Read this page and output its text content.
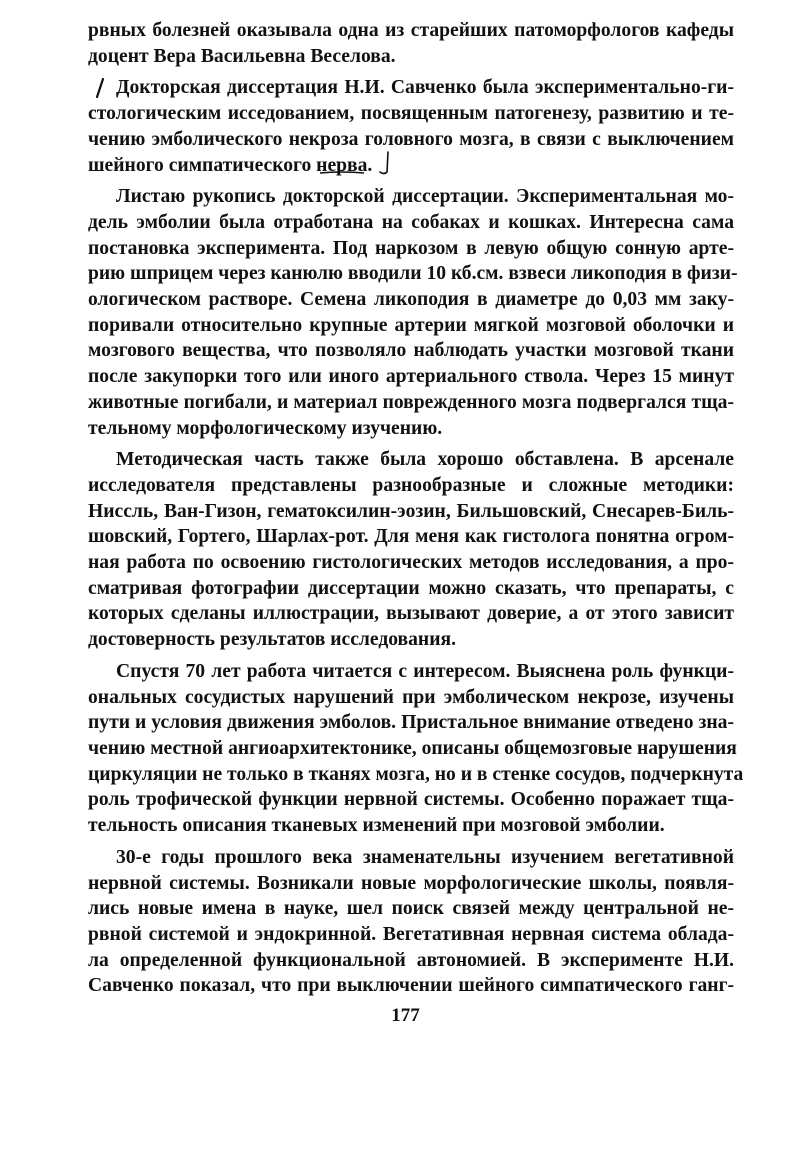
рвных болезней оказывала одна из старейших патоморфологов кафеды
доцент Вера Васильевна Веселова.
Докторская диссертация Н.И. Савченко была экспериментально-ги-
стологическим исседованием, посвященным патогенезу, развитию и те-
чению эмболического некроза головного мозга, в связи с выключением
шейного симпатического нерва.
Листаю рукопись докторской диссертации. Экспериментальная мо-
дель эмболии была отработана на собаках и кошках. Интересна сама
постановка эксперимента. Под наркозом в левую общую сонную арте-
рию шприцем через канюлю вводили 10 кб.см. взвеси ликоподия в физи-
ологическом растворе. Семена ликоподия в диаметре до 0,03 мм заку-
поривали относительно крупные артерии мягкой мозговой оболочки и
мозгового вещества, что позволяло наблюдать участки мозговой ткани
после закупорки того или иного артериального ствола. Через 15 минут
животные погибали, и материал поврежденного мозга подвергался тща-
тельному морфологическому изучению.
Методическая часть также была хорошо обставлена. В арсенале
исследователя представлены разнообразные и сложные методики:
Ниссль, Ван-Гизон, гематоксилин-эозин, Бильшовский, Снесарев-Биль-
шовский, Гортего, Шарлах-рот. Для меня как гистолога понятна огром-
ная работа по освоению гистологических методов исследования, а про-
сматривая фотографии диссертации можно сказать, что препараты, с
которых сделаны иллюстрации, вызывают доверие, а от этого зависит
достоверность результатов исследования.
Спустя 70 лет работа читается с интересом. Выяснена роль функци-
ональных сосудистых нарушений при эмболическом некрозе, изучены
пути и условия движения эмболов. Пристальное внимание отведено зна-
чению местной ангиоархитектонике, описаны общемозговые нарушения
циркуляции не только в тканях мозга, но и в стенке сосудов, подчеркнута
роль трофической функции нервной системы. Особенно поражает тща-
тельность описания тканевых изменений при мозговой эмболии.
30-е годы прошлого века знаменательны изучением вегетативной
нервной системы. Возникали новые морфологические школы, появля-
лись новые имена в науке, шел поиск связей между центральной не-
рвной системой и эндокринной. Вегетативная нервная система облада-
ла определенной функциональной автономией. В эксперименте Н.И.
Савченко показал, что при выключении шейного симпатического ганг-
177
